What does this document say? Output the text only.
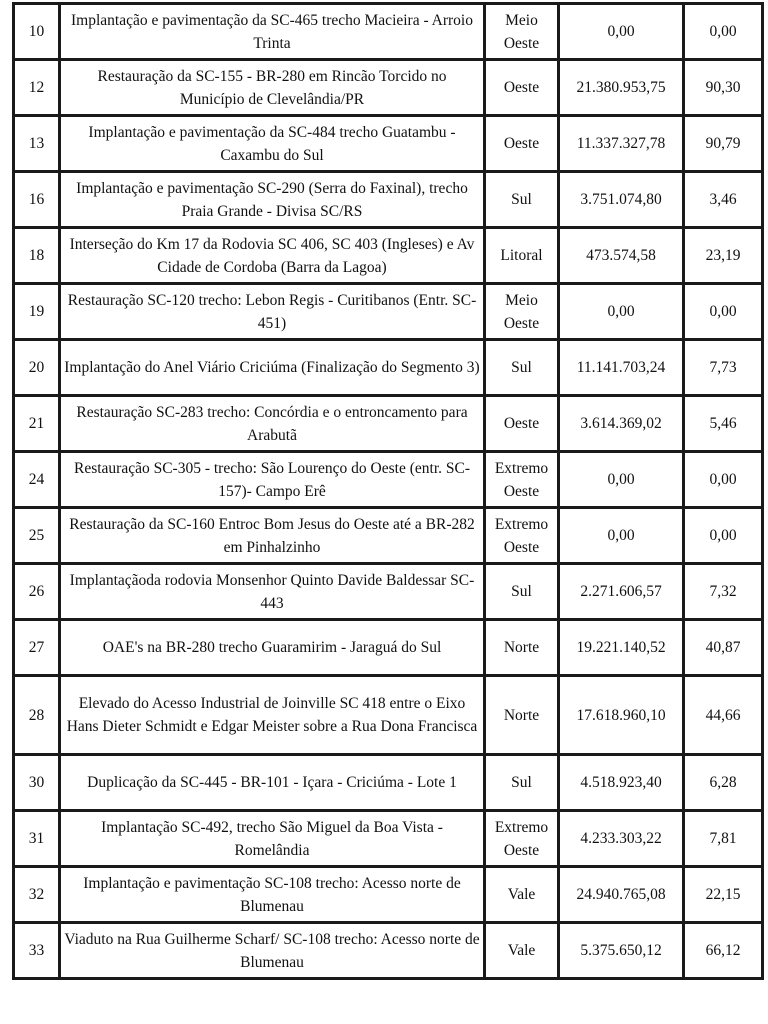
10	Implantação e pavimentação da SC-465 trecho Macieira - Arroio Trinta	Meio Oeste	0,00	0,00
12	Restauração da SC-155 - BR-280 em Rincão Torcido no Município de Clevelândia/PR	Oeste	21.380.953,75	90,30
13	Implantação e pavimentação da SC-484 trecho Guatambu - Caxambu do Sul	Oeste	11.337.327,78	90,79
16	Implantação e pavimentação SC-290 (Serra do Faxinal), trecho Praia Grande - Divisa SC/RS	Sul	3.751.074,80	3,46
18	Interseção do Km 17 da Rodovia SC 406, SC 403 (Ingleses) e Av Cidade de Cordoba (Barra da Lagoa)	Litoral	473.574,58	23,19
19	Restauração SC-120 trecho: Lebon Regis - Curitibanos (Entr. SC-451)	Meio Oeste	0,00	0,00
20	Implantação do Anel Viário Criciúma (Finalização do Segmento 3)	Sul	11.141.703,24	7,73
21	Restauração SC-283 trecho: Concórdia e o entroncamento para Arabutã	Oeste	3.614.369,02	5,46
24	Restauração SC-305 - trecho: São Lourenço do Oeste (entr. SC-157)- Campo Erê	Extremo Oeste	0,00	0,00
25	Restauração da SC-160 Entroc Bom Jesus do Oeste até a BR-282 em Pinhalzinho	Extremo Oeste	0,00	0,00
26	Implantaçãoda rodovia Monsenhor Quinto Davide Baldessar SC-443	Sul	2.271.606,57	7,32
27	OAE's na BR-280 trecho Guaramirim - Jaraguá do Sul	Norte	19.221.140,52	40,87
28	Elevado do Acesso Industrial de Joinville SC 418 entre o Eixo Hans Dieter Schmidt e Edgar Meister sobre a Rua Dona Francisca	Norte	17.618.960,10	44,66
30	Duplicação da SC-445 - BR-101 - Içara - Criciúma - Lote 1	Sul	4.518.923,40	6,28
31	Implantação SC-492, trecho São Miguel da Boa Vista - Romelândia	Extremo Oeste	4.233.303,22	7,81
32	Implantação e pavimentação SC-108 trecho: Acesso norte de Blumenau	Vale	24.940.765,08	22,15
33	Viaduto na Rua Guilherme Scharf/ SC-108 trecho: Acesso norte de Blumenau	Vale	5.375.650,12	66,12
